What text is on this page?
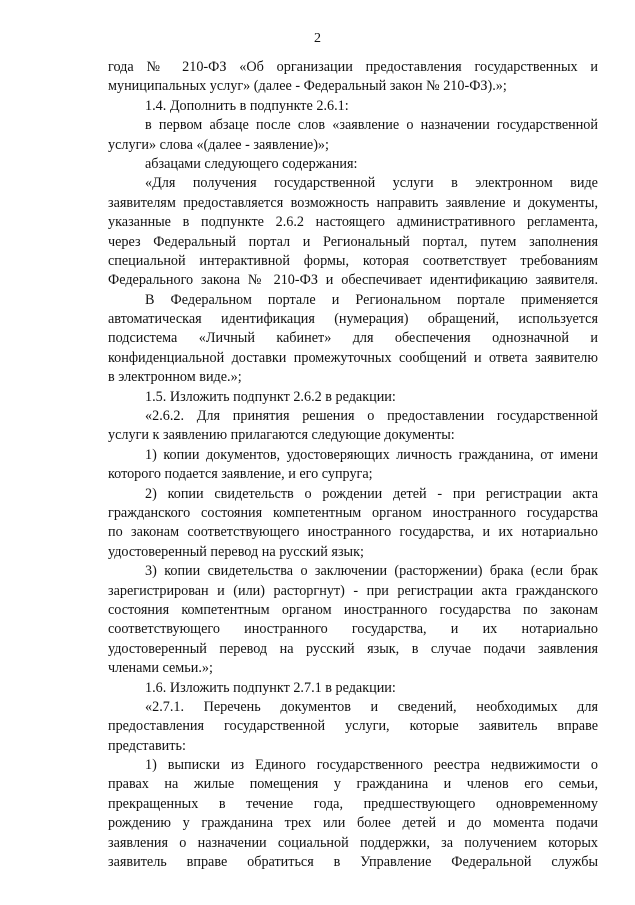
2
года № 210-ФЗ «Об организации предоставления государственных и
муниципальных услуг» (далее - Федеральный закон № 210-ФЗ).»;
1.4. Дополнить в подпункте 2.6.1:
в первом абзаце после слов «заявление о назначении государственной
услуги» слова «(далее - заявление)»;
абзацами следующего содержания:
«Для получения государственной услуги в электронном виде
заявителям предоставляется возможность направить заявление и документы,
указанные в подпункте 2.6.2 настоящего административного регламента,
через Федеральный портал и Региональный портал, путем заполнения
специальной интерактивной формы, которая соответствует требованиям
Федерального закона № 210-ФЗ и обеспечивает идентификацию заявителя.
В Федеральном портале и Региональном портале применяется
автоматическая идентификация (нумерация) обращений, используется
подсистема «Личный кабинет» для обеспечения однозначной и
конфиденциальной доставки промежуточных сообщений и ответа заявителю
в электронном виде.»;
1.5. Изложить подпункт 2.6.2 в редакции:
«2.6.2. Для принятия решения о предоставлении государственной
услуги к заявлению прилагаются следующие документы:
1) копии документов, удостоверяющих личность гражданина, от имени
которого подается заявление, и его супруга;
2) копии свидетельств о рождении детей - при регистрации акта
гражданского состояния компетентным органом иностранного государства
по законам соответствующего иностранного государства, и их нотариально
удостоверенный перевод на русский язык;
3) копии свидетельства о заключении (расторжении) брака (если брак
зарегистрирован и (или) расторгнут) - при регистрации акта гражданского
состояния компетентным органом иностранного государства по законам
соответствующего иностранного государства, и их нотариально
удостоверенный перевод на русский язык, в случае подачи заявления
членами семьи.»;
1.6. Изложить подпункт 2.7.1 в редакции:
«2.7.1. Перечень документов и сведений, необходимых для
предоставления государственной услуги, которые заявитель вправе
представить:
1) выписки из Единого государственного реестра недвижимости о
правах на жилые помещения у гражданина и членов его семьи,
прекращенных в течение года, предшествующего одновременному
рождению у гражданина трех или более детей и до момента подачи
заявления о назначении социальной поддержки, за получением которых
заявитель вправе обратиться в Управление Федеральной службы
